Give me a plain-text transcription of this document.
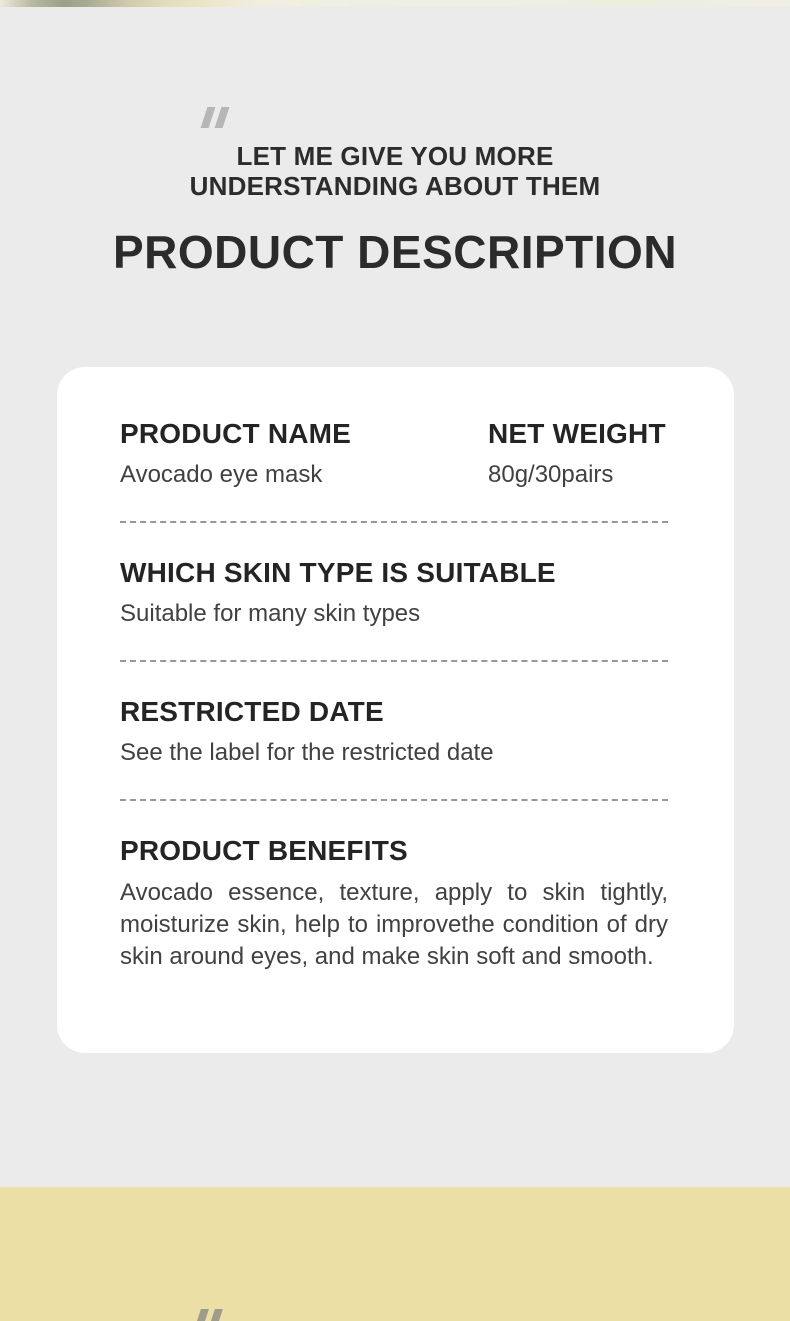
LET ME GIVE YOU MORE
UNDERSTANDING ABOUT THEM
PRODUCT DESCRIPTION
PRODUCT NAME
Avocado eye mask
NET WEIGHT
80g/30pairs
WHICH SKIN TYPE IS SUITABLE
Suitable for many skin types
RESTRICTED DATE
See the label for the restricted date
PRODUCT BENEFITS
Avocado essence, texture, apply to skin tightly, moisturize skin, help to improvethe condition of dry skin around eyes, and make skin soft and smooth.
